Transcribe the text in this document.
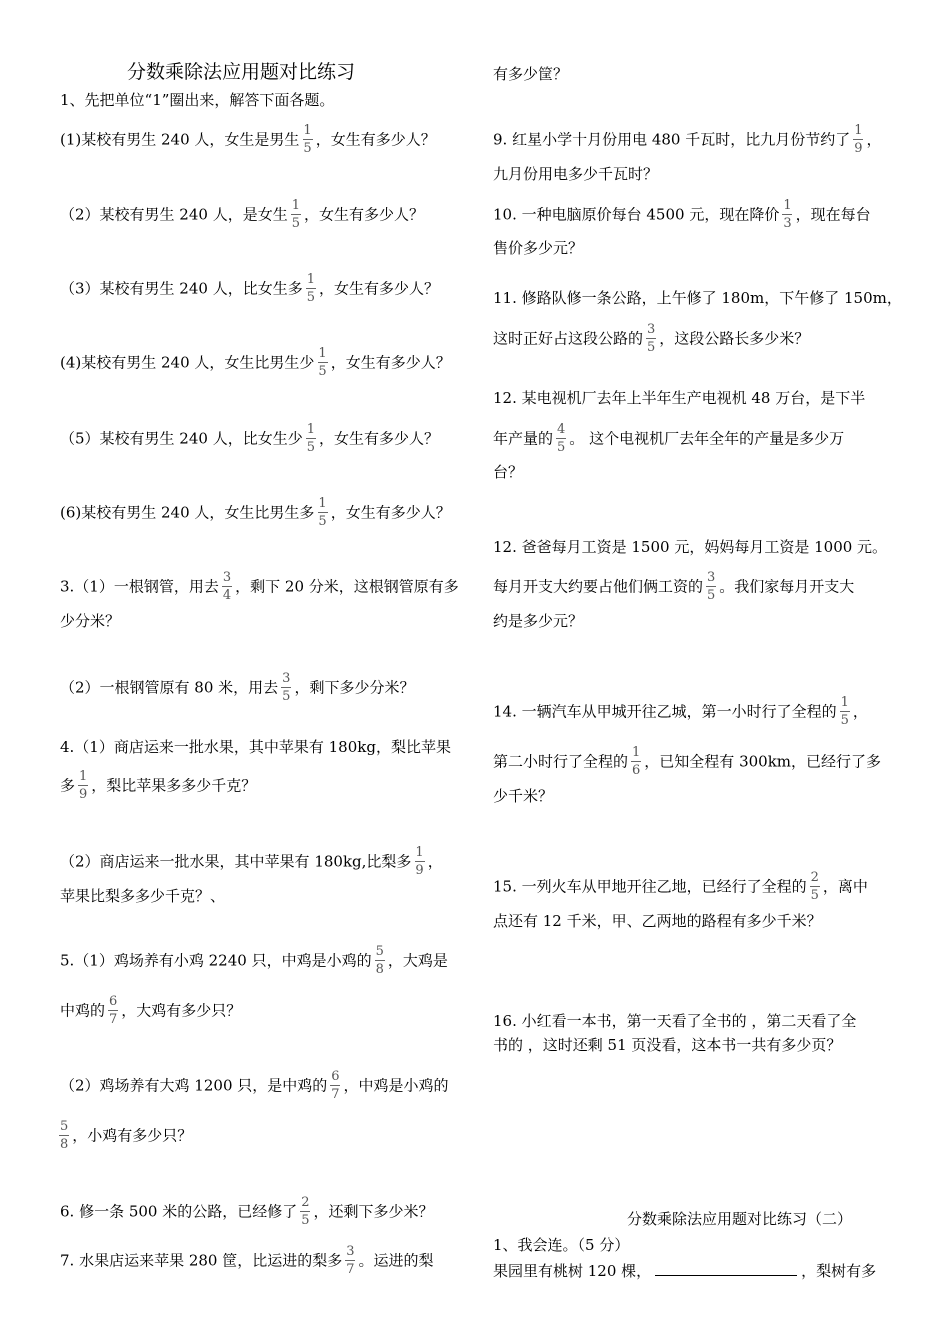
分数乘除法应用题对比练习
1、先把单位“1”圈出来，解答下面各题。
(1)某校有男生 240 人，女生是男生 $\frac{1}{5}$ ，女生有多少人？
（2）某校有男生 240 人，是女生 $\frac{1}{5}$ ，女生有多少人？
（3）某校有男生 240 人，比女生多 $\frac{1}{5}$ ，女生有多少人？
(4)某校有男生 240 人，女生比男生少 $\frac{1}{5}$ ，女生有多少人？
（5）某校有男生 240 人，比女生少 $\frac{1}{5}$ ，女生有多少人？
(6)某校有男生 240 人，女生比男生多 $\frac{1}{5}$ ，女生有多少人？
3.（1）一根钢管，用去 $\frac{3}{4}$ ，剩下 20 分米，这根钢管原有多
少分米？
（2）一根钢管原有 80 米，用去 $\frac{3}{5}$ ，剩下多少分米？
4.（1）商店运来一批水果，其中苹果有 180kg，梨比苹果
多 $\frac{1}{9}$ ，梨比苹果多多少千克？
（2）商店运来一批水果，其中苹果有 180kg,比梨多 $\frac{1}{9}$ ，
苹果比梨多多少千克？、
5.（1）鸡场养有小鸡 2240 只，中鸡是小鸡的 $\frac{5}{8}$ ，大鸡是
中鸡的 $\frac{6}{7}$ ，大鸡有多少只？
（2）鸡场养有大鸡 1200 只，是中鸡的 $\frac{6}{7}$ ，中鸡是小鸡的
$\frac{5}{8}$ ，小鸡有多少只？
6. 修一条 500 米的公路，已经修了 $\frac{2}{5}$ ，还剩下多少米？
7. 水果店运来苹果 280 筐，比运进的梨多 $\frac{3}{7}$ 。运进的梨
有多少筐？
9. 红星小学十月份用电 480 千瓦时，比九月份节约了 $\frac{1}{9}$ ，
九月份用电多少千瓦时？
10. 一种电脑原价每台 4500 元，现在降价 $\frac{1}{3}$ ，现在每台
售价多少元？
11. 修路队修一条公路，上午修了 180m，下午修了 150m，
这时正好占这段公路的 $\frac{3}{5}$ ，这段公路长多少米？
12. 某电视机厂去年上半年生产电视机 48 万台，是下半
年产量的 $\frac{4}{5}$ 。 这个电视机厂去年全年的产量是多少万
台？
12. 爸爸每月工资是 1500 元，妈妈每月工资是 1000 元。
每月开支大约要占他们俩工资的 $\frac{3}{5}$ 。我们家每月开支大
约是多少元？
14. 一辆汽车从甲城开往乙城，第一小时行了全程的 $\frac{1}{5}$ ，
第二小时行了全程的 $\frac{1}{6}$ ，已知全程有 300km，已经行了多
少千米？
15. 一列火车从甲地开往乙地，已经行了全程的 $\frac{2}{5}$ ，离中
点还有 12 千米，甲、乙两地的路程有多少千米？
16. 小红看一本书，第一天看了全书的 ，第二天看了全
书的 ，这时还剩 51 页没看，这本书一共有多少页？
分数乘除法应用题对比练习（二）
1、我会连。（5 分）
果园里有桃树 120 棵，	，梨树有多
